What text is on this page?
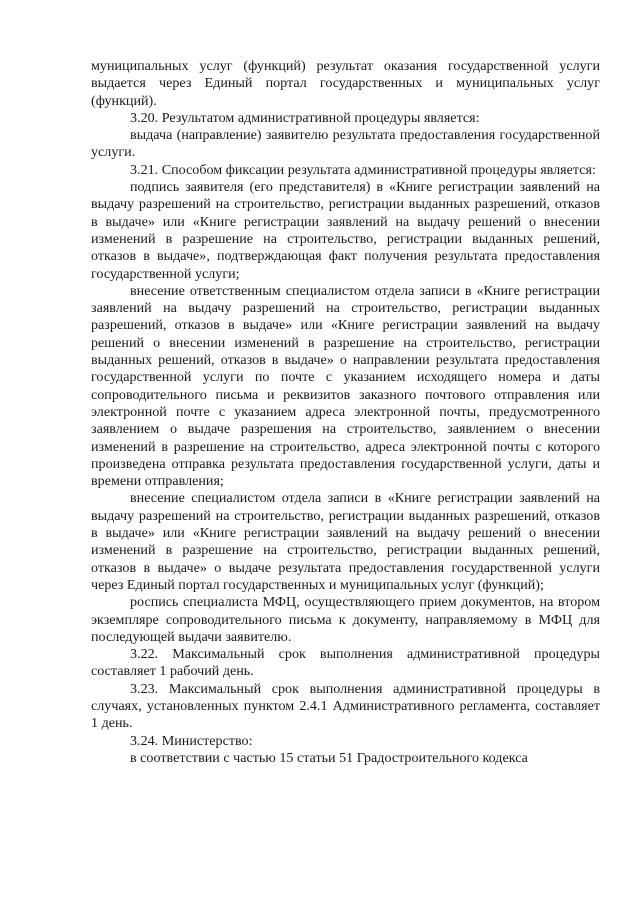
муниципальных услуг (функций) результат оказания государственной услуги выдается через Единый портал государственных и муниципальных услуг (функций).

3.20. Результатом административной процедуры является:

выдача (направление) заявителю результата предоставления государственной услуги.

3.21. Способом фиксации результата административной процедуры является:

подпись заявителя (его представителя) в «Книге регистрации заявлений на выдачу разрешений на строительство, регистрации выданных разрешений, отказов в выдаче» или «Книге регистрации заявлений на выдачу решений о внесении изменений в разрешение на строительство, регистрации выданных решений, отказов в выдаче», подтверждающая факт получения результата предоставления государственной услуги;

внесение ответственным специалистом отдела записи в «Книге регистрации заявлений на выдачу разрешений на строительство, регистрации выданных разрешений, отказов в выдаче» или «Книге регистрации заявлений на выдачу решений о внесении изменений в разрешение на строительство, регистрации выданных решений, отказов в выдаче» о направлении результата предоставления государственной услуги по почте с указанием исходящего номера и даты сопроводительного письма и реквизитов заказного почтового отправления или электронной почте с указанием адреса электронной почты, предусмотренного заявлением о выдаче разрешения на строительство, заявлением о внесении изменений в разрешение на строительство, адреса электронной почты с которого произведена отправка результата предоставления государственной услуги, даты и времени отправления;

внесение специалистом отдела записи в «Книге регистрации заявлений на выдачу разрешений на строительство, регистрации выданных разрешений, отказов в выдаче» или «Книге регистрации заявлений на выдачу решений о внесении изменений в разрешение на строительство, регистрации выданных решений, отказов в выдаче» о выдаче результата предоставления государственной услуги через Единый портал государственных и муниципальных услуг (функций);

роспись специалиста МФЦ, осуществляющего прием документов, на втором экземпляре сопроводительного письма к документу, направляемому в МФЦ для последующей выдачи заявителю.

3.22. Максимальный срок выполнения административной процедуры составляет 1 рабочий день.

3.23. Максимальный срок выполнения административной процедуры в случаях, установленных пунктом 2.4.1 Административного регламента, составляет 1 день.

3.24. Министерство:

в соответствии с частью 15 статьи 51 Градостроительного кодекса
